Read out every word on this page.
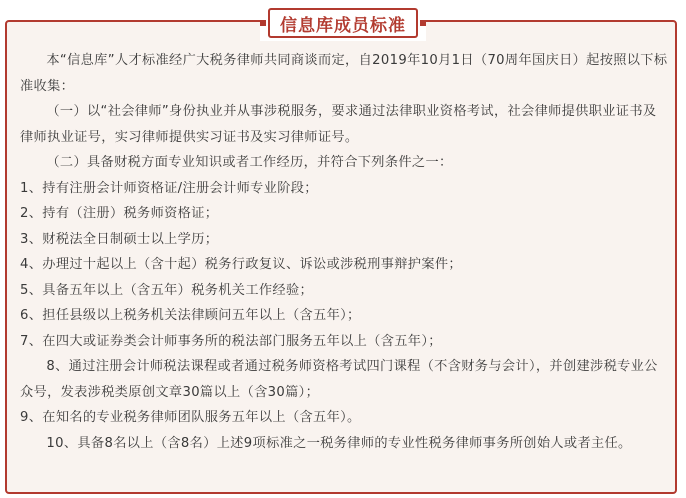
信息库成员标准

本“信息库”人才标准经广大税务律师共同商谈而定，自2019年10月1日（70周年国庆日）起按照以下标准收集：

（一）以“社会律师”身份执业并从事涉税服务，要求通过法律职业资格考试，社会律师提供职业证书及律师执业证号，实习律师提供实习证书及实习律师证号。

（二）具备财税方面专业知识或者工作经历，并符合下列条件之一：

1、持有注册会计师资格证/注册会计师专业阶段；

2、持有（注册）税务师资格证；

3、财税法全日制硕士以上学历；

4、办理过十起以上（含十起）税务行政复议、诉讼或涉税刑事辩护案件；

5、具备五年以上（含五年）税务机关工作经验；

6、担任县级以上税务机关法律顾问五年以上（含五年）；

7、在四大或证券类会计师事务所的税法部门服务五年以上（含五年）；

8、通过注册会计师税法课程或者通过税务师资格考试四门课程（不含财务与会计），并创建涉税专业公众号，发表涉税类原创文章30篇以上（含30篇）；

9、在知名的专业税务律师团队服务五年以上（含五年）。

10、具备8名以上（含8名）上述9项标准之一税务律师的专业性税务律师事务所创始人或者主任。
